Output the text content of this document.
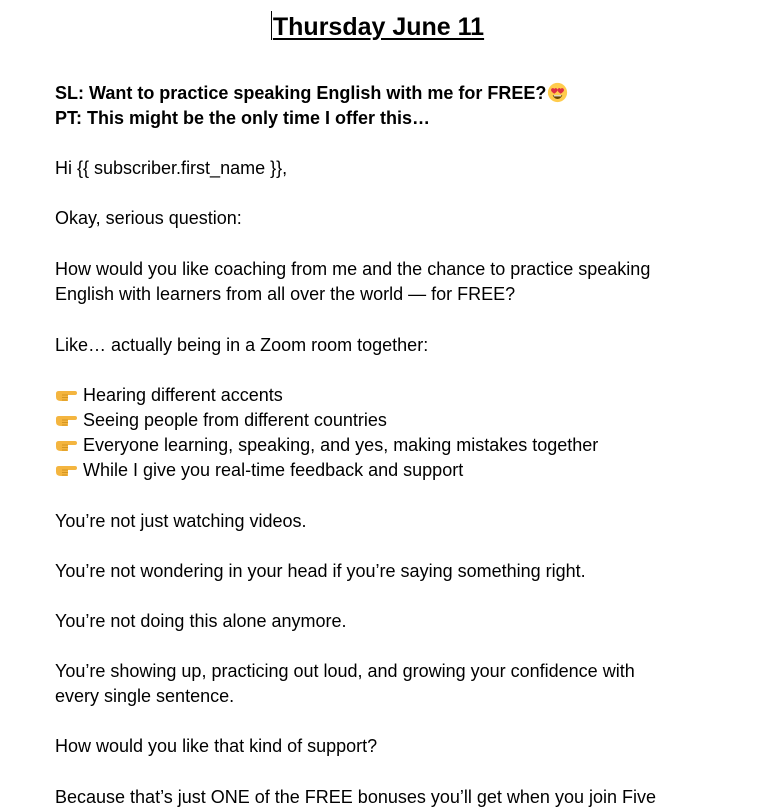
Thursday June 11
SL: Want to practice speaking English with me for FREE?
PT: This might be the only time I offer this…
Hi {{ subscriber.first_name }},
Okay, serious question:
How would you like coaching from me and the chance to practice speaking
English with learners from all over the world — for FREE?
Like… actually being in a Zoom room together:
Hearing different accents
Seeing people from different countries
Everyone learning, speaking, and yes, making mistakes together
While I give you real-time feedback and support
You’re not just watching videos.
You’re not wondering in your head if you’re saying something right.
You’re not doing this alone anymore.
You’re showing up, practicing out loud, and growing your confidence with
every single sentence.
How would you like that kind of support?
Because that’s just ONE of the FREE bonuses you’ll get when you join Five
